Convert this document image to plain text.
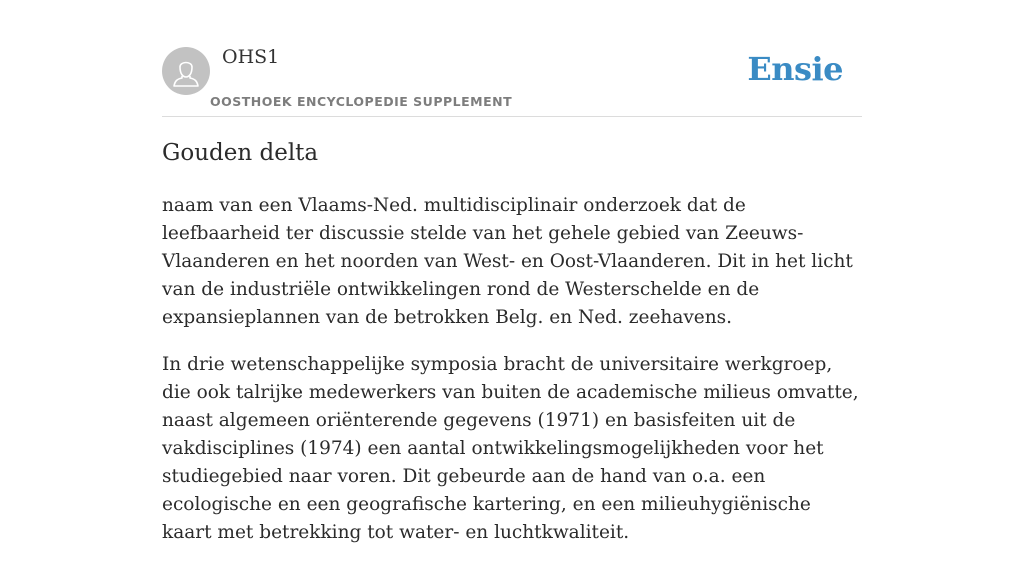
OHS1
OOSTHOEK ENCYCLOPEDIE SUPPLEMENT
Ensie
Gouden delta

naam van een Vlaams-Ned. multidisciplinair onderzoek dat de leefbaarheid ter discussie stelde van het gehele gebied van Zeeuws-Vlaanderen en het noorden van West- en Oost-Vlaanderen. Dit in het licht van de industriële ontwikkelingen rond de Westerschelde en de expansieplannen van de betrokken Belg. en Ned. zeehavens.

In drie wetenschappelijke symposia bracht de universitaire werkgroep, die ook talrijke medewerkers van buiten de academische milieus omvatte, naast algemeen oriënterende gegevens (1971) en basisfeiten uit de vakdisciplines (1974) een aantal ontwikkelingsmogelijkheden voor het studiegebied naar voren. Dit gebeurde aan de hand van o.a. een ecologische en een geografische kartering, en een milieuhygiënische kaart met betrekking tot water- en luchtkwaliteit.
